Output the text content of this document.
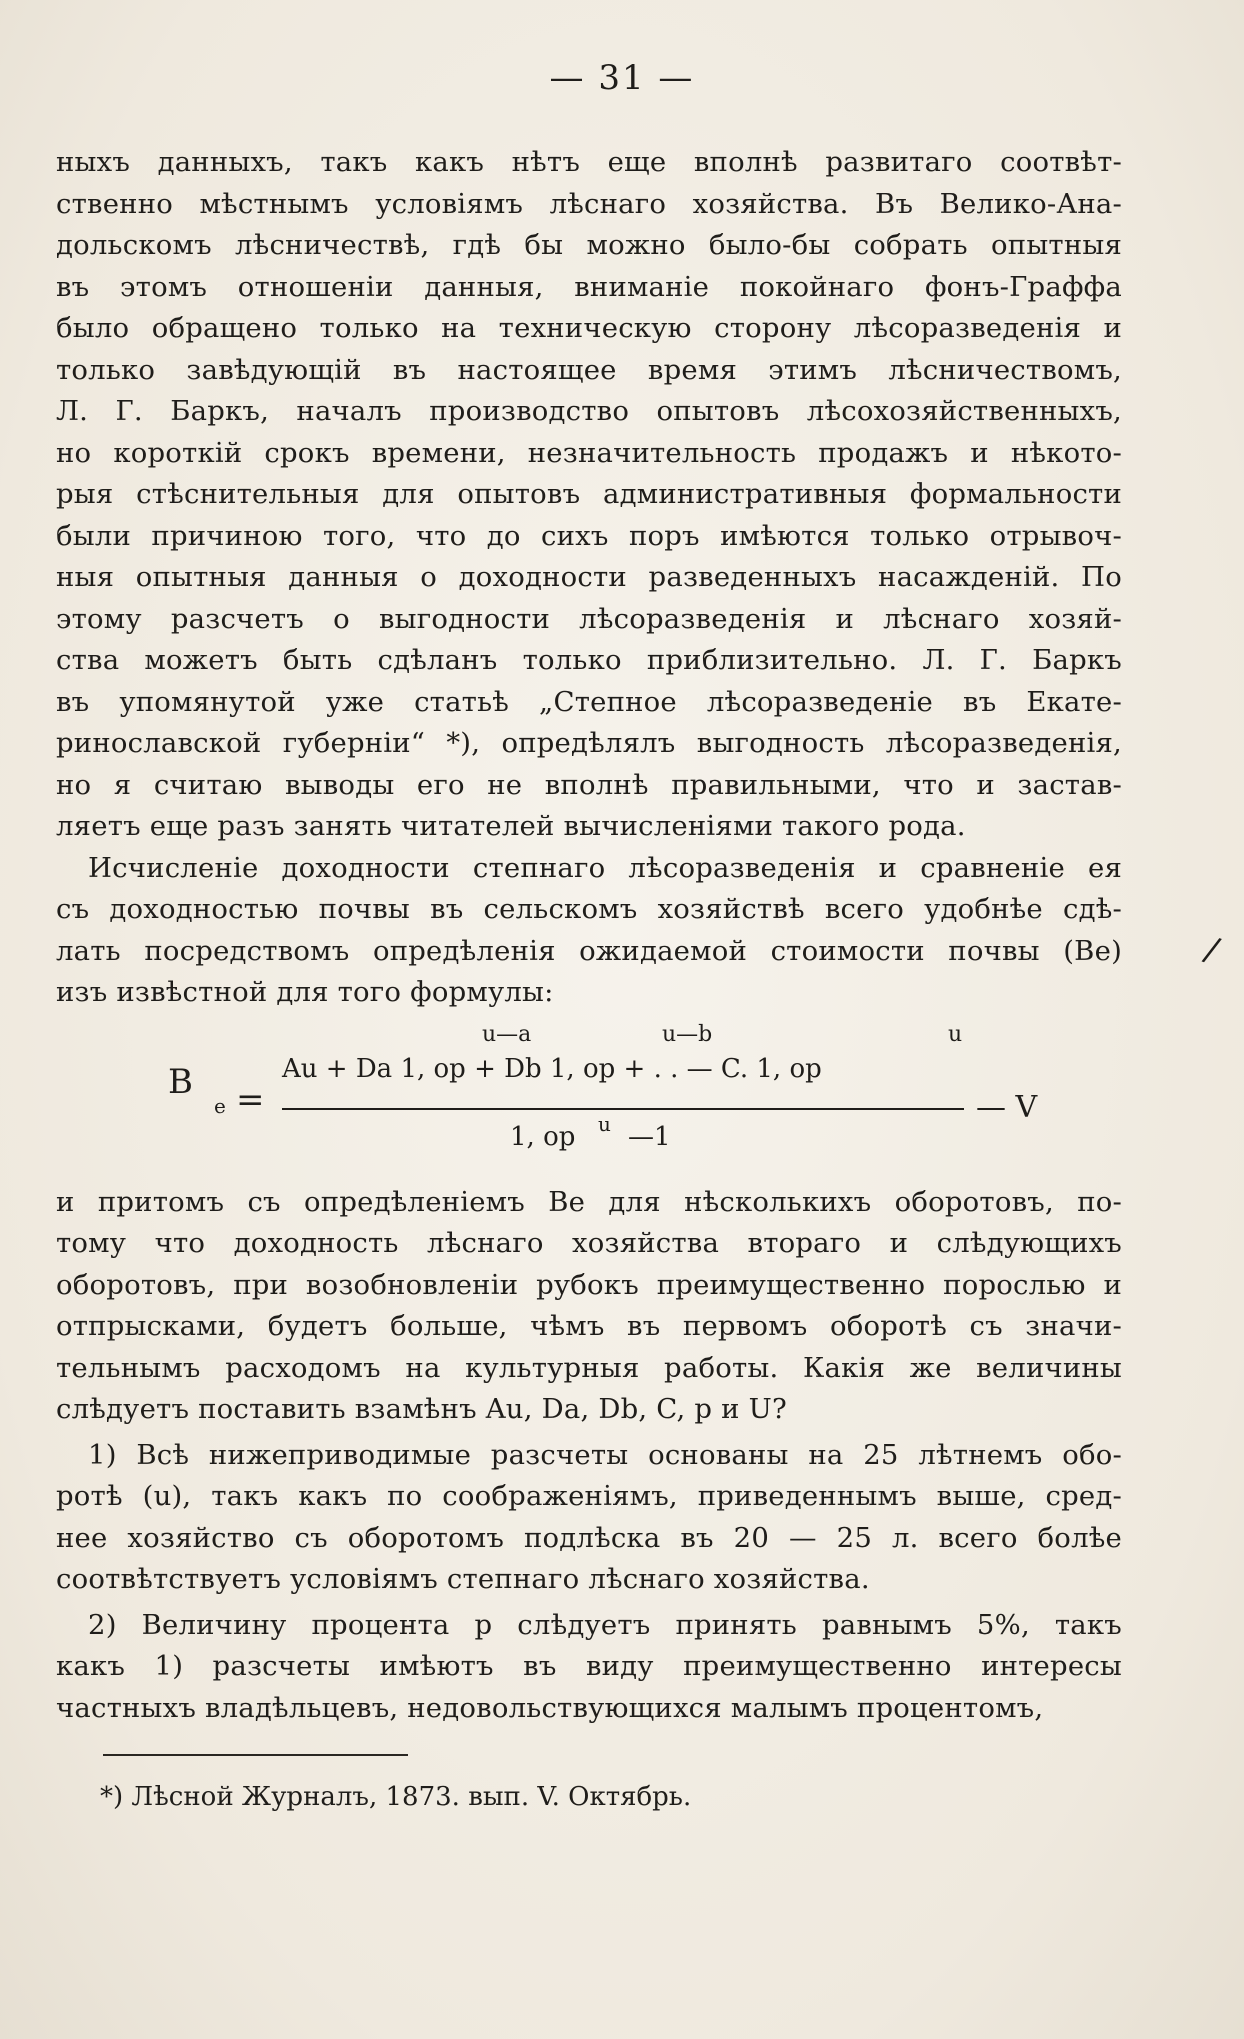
— 31 —
ныхъ данныхъ, такъ какъ нѣтъ еще вполнѣ развитаго соотвѣт-
ственно мѣстнымъ условіямъ лѣснаго хозяйства. Въ Велико-Ана-
дольскомъ лѣсничествѣ, гдѣ бы можно было-бы собрать опытныя
въ этомъ отношеніи данныя, вниманіе покойнаго фонъ-Граффа
было обращено только на техническую сторону лѣсоразведенія и
только завѣдующій въ настоящее время этимъ лѣсничествомъ,
Л. Г. Баркъ, началъ производство опытовъ лѣсохозяйственныхъ,
но короткій срокъ времени, незначительность продажъ и нѣкото-
рыя стѣснительныя для опытовъ административныя формальности
были причиною того, что до сихъ поръ имѣются только отрывоч-
ныя опытныя данныя о доходности разведенныхъ насажденій. По
этому разсчетъ о выгодности лѣсоразведенія и лѣснаго хозяй-
ства можетъ быть сдѣланъ только приблизительно. Л. Г. Баркъ
въ упомянутой уже статьѣ „Степное лѣсоразведеніе въ Екате-
ринославской губерніи“ *), опредѣлялъ выгодность лѣсоразведенія,
но я считаю выводы его не вполнѣ правильными, что и застав-
ляетъ еще разъ занять читателей вычисленіями такого рода.
Исчисленіе доходности степнаго лѣсоразведенія и сравненіе ея
съ доходностью почвы въ сельскомъ хозяйствѣ всего удобнѣе сдѣ-
лать посредствомъ опредѣленія ожидаемой стоимости почвы (Be)
изъ извѣстной для того формулы:
u—a	u—b	u
B
e =
Au + Da 1, op + Db 1, op + . . — C. 1, op
1, op u —1
— V
и притомъ съ опредѣленіемъ Be для нѣсколькихъ оборотовъ, по-
тому что доходность лѣснаго хозяйства втораго и слѣдующихъ
оборотовъ, при возобновленіи рубокъ преимущественно порослью и
отпрысками, будетъ больше, чѣмъ въ первомъ оборотѣ съ значи-
тельнымъ расходомъ на культурныя работы. Какія же величины
слѣдуетъ поставить взамѣнъ Au, Da, Db, C, p и U?
1) Всѣ нижеприводимые разсчеты основаны на 25 лѣтнемъ обо-
ротѣ (u), такъ какъ по соображеніямъ, приведеннымъ выше, сред-
нее хозяйство съ оборотомъ подлѣска въ 20 — 25 л. всего болѣе
соотвѣтствуетъ условіямъ степнаго лѣснаго хозяйства.
2) Величину процента p слѣдуетъ принять равнымъ 5%, такъ
какъ 1) разсчеты имѣютъ въ виду преимущественно интересы
частныхъ владѣльцевъ, недовольствующихся малымъ процентомъ,
*) Лѣсной Журналъ, 1873. вып. V. Октябрь.
/
